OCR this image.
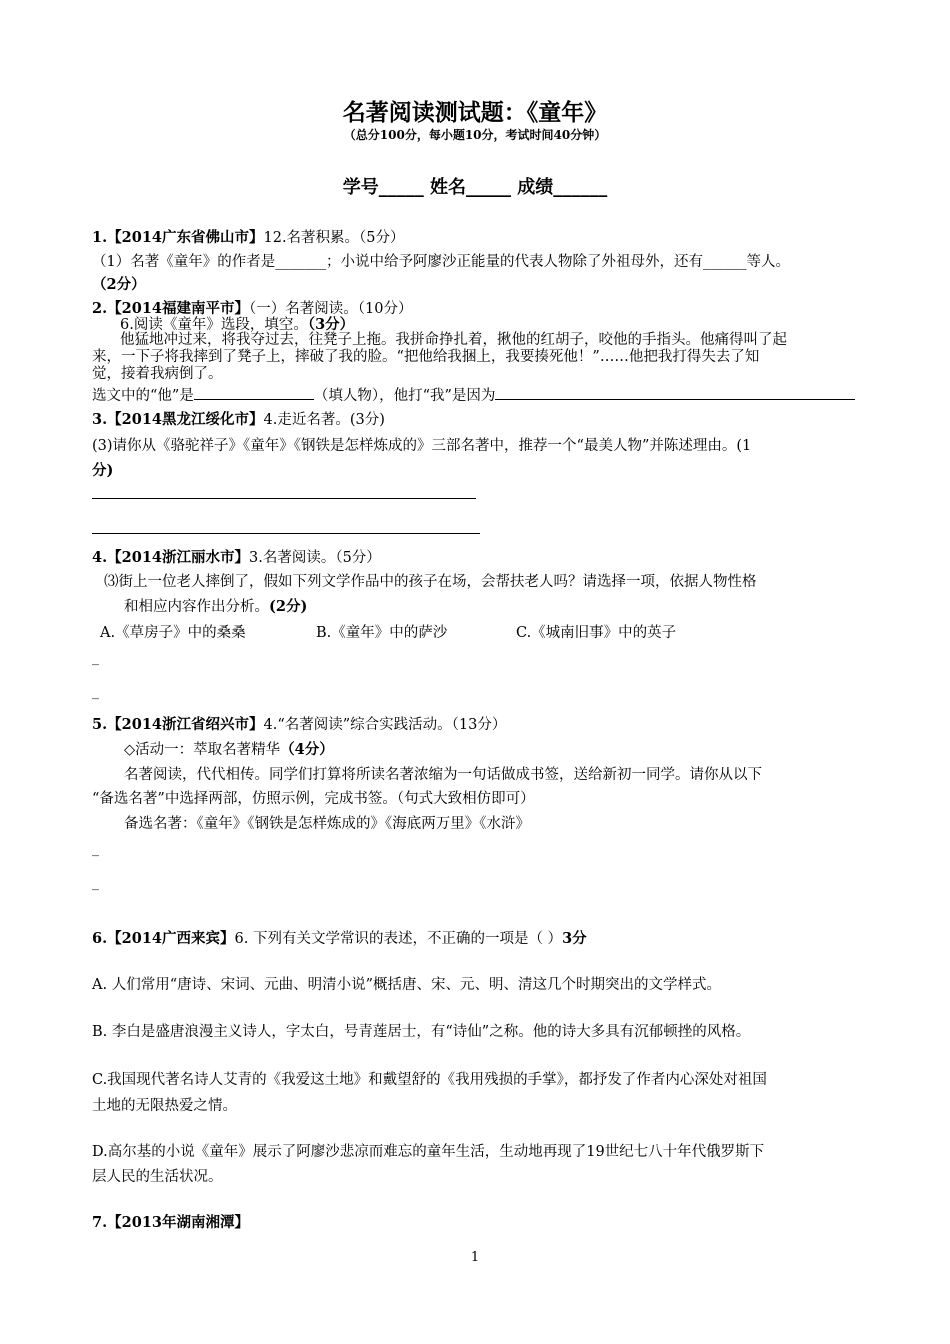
名著阅读测试题：《童年》
（总分100分，每小题10分，考试时间40分钟）
学号_____ 姓名_____ 成绩______
1.【2014广东省佛山市】12.名著积累。（5分）
（1）名著《童年》的作者是_______；小说中给予阿廖沙正能量的代表人物除了外祖母外，还有______等人。
（2分）
2.【2014福建南平市】（一）名著阅读。（10分）
6.阅读《童年》选段，填空。（3分）
他猛地冲过来，将我夺过去，往凳子上拖。我拼命挣扎着，揪他的红胡子，咬他的手指头。他痛得叫了起
来，一下子将我摔到了凳子上，摔破了我的脸。“把他给我捆上，我要揍死他！”……他把我打得失去了知
觉，接着我病倒了。
选文中的“他”是	（填人物），他打“我”是因为
3.【2014黑龙江绥化市】4.走近名著。(3分)
(3)请你从《骆驼祥子》《童年》《钢铁是怎样炼成的》三部名著中，推荐一个“最美人物”并陈述理由。(1
分)
4.【2014浙江丽水市】3.名著阅读。（5分）
⑶街上一位老人摔倒了，假如下列文学作品中的孩子在场，会帮扶老人吗？请选择一项，依据人物性格
和相应内容作出分析。(2分)
A.《草房子》中的桑桑	B.《童年》中的萨沙	C.《城南旧事》中的英子
_
_
5.【2014浙江省绍兴市】4.“名著阅读”综合实践活动。（13分）
◇活动一：萃取名著精华（4分）
名著阅读，代代相传。同学们打算将所读名著浓缩为一句话做成书签，送给新初一同学。请你从以下
“备选名著”中选择两部，仿照示例，完成书签。（句式大致相仿即可）
备选名著：《童年》《钢铁是怎样炼成的》《海底两万里》《水浒》
_
_
6.【2014广西来宾】6. 下列有关文学常识的表述，不正确的一项是（ ）3分
A. 人们常用“唐诗、宋词、元曲、明清小说”概括唐、宋、元、明、清这几个时期突出的文学样式。
B. 李白是盛唐浪漫主义诗人，字太白，号青莲居士，有“诗仙”之称。他的诗大多具有沉郁顿挫的风格。
C.我国现代著名诗人艾青的《我爱这土地》和戴望舒的《我用残损的手掌》，都抒发了作者内心深处对祖国
土地的无限热爱之情。
D.高尔基的小说《童年》展示了阿廖沙悲凉而难忘的童年生活，生动地再现了19世纪七八十年代俄罗斯下
层人民的生活状况。
7.【2013年湖南湘潭】
1
